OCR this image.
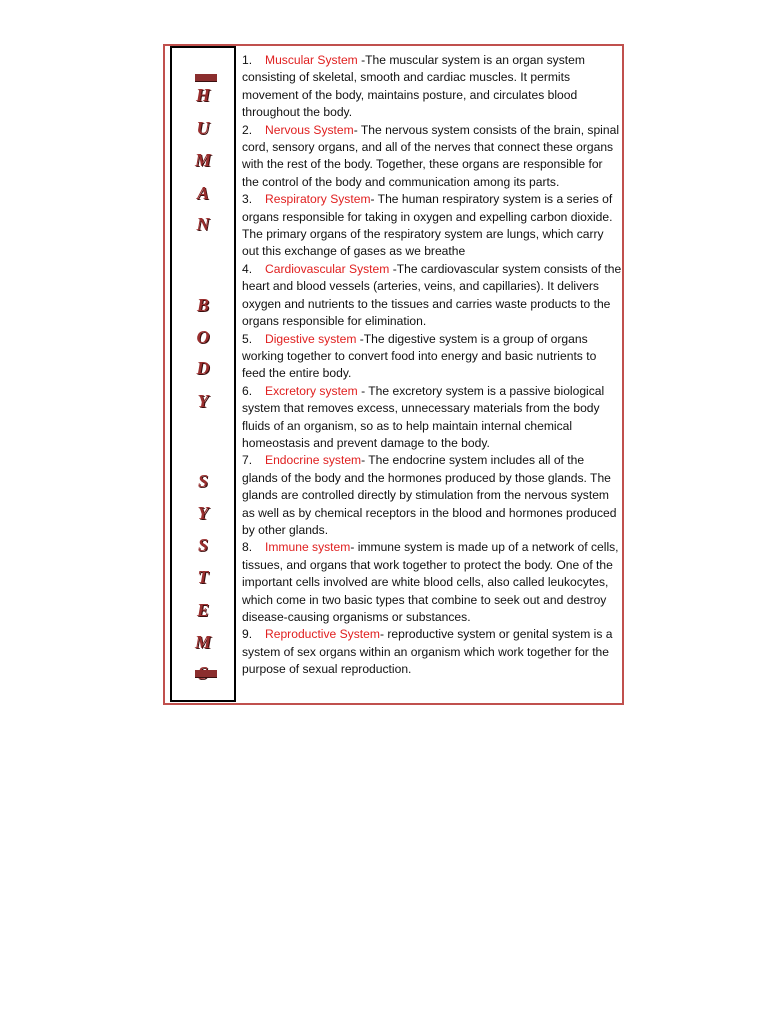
H
U
M
A
N
B
O
D
Y
S
Y
S
T
E
M

1. Muscular System -The muscular system is an organ system consisting of skeletal, smooth and cardiac muscles. It permits movement of the body, maintains posture, and circulates blood throughout the body.

2. Nervous System- The nervous system consists of the brain, spinal cord, sensory organs, and all of the nerves that connect these organs with the rest of the body. Together, these organs are responsible for the control of the body and communication among its parts.

3. Respiratory System- The human respiratory system is a series of organs responsible for taking in oxygen and expelling carbon dioxide. The primary organs of the respiratory system are lungs, which carry out this exchange of gases as we breathe

4. Cardiovascular System -The cardiovascular system consists of the heart and blood vessels (arteries, veins, and capillaries). It delivers oxygen and nutrients to the tissues and carries waste products to the organs responsible for elimination.

5. Digestive system -The digestive system is a group of organs working together to convert food into energy and basic nutrients to feed the entire body.

6. Excretory system - The excretory system is a passive biological system that removes excess, unnecessary materials from the body fluids of an organism, so as to help maintain internal chemical homeostasis and prevent damage to the body.

7. Endocrine system- The endocrine system includes all of the glands of the body and the hormones produced by those glands. The glands are controlled directly by stimulation from the nervous system as well as by chemical receptors in the blood and hormones produced by other glands.

8. Immune system- immune system is made up of a network of cells, tissues, and organs that work together to protect the body. One of the important cells involved are white blood cells, also called leukocytes, which come in two basic types that combine to seek out and destroy disease-causing organisms or substances.

9. Reproductive System- reproductive system or genital system is a system of sex organs within an organism which work together for the purpose of sexual reproduction.
